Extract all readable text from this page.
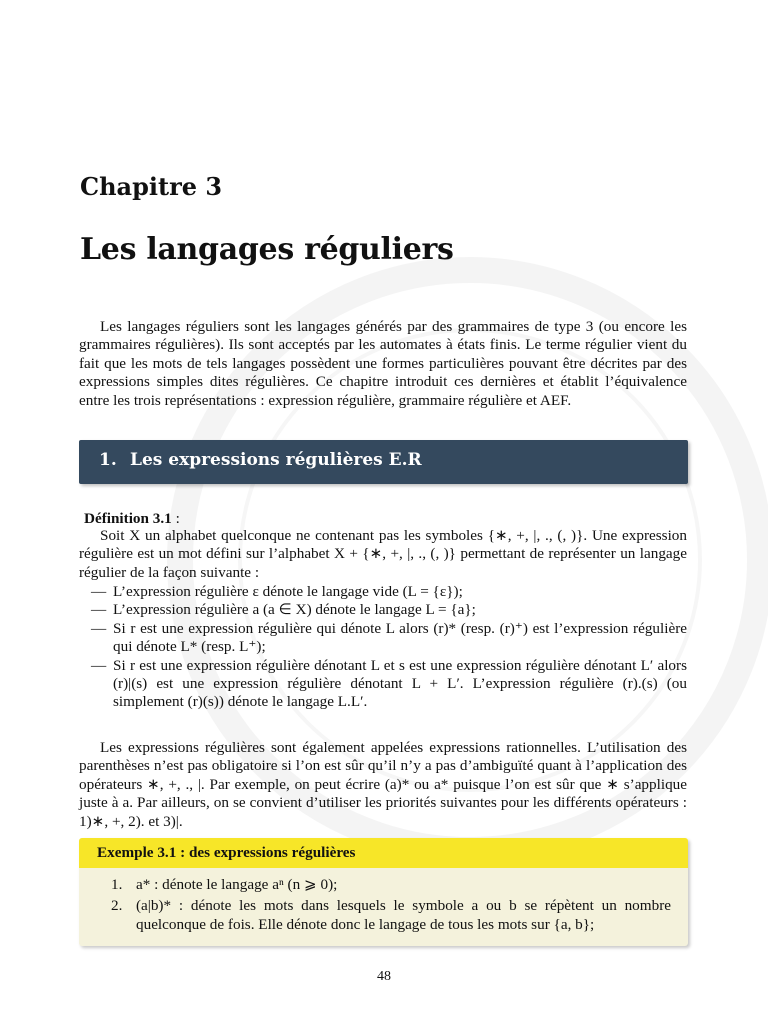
Chapitre 3
Les langages réguliers

Les langages réguliers sont les langages générés par des grammaires de type 3 (ou encore les grammaires régulières). Ils sont acceptés par les automates à états finis. Le terme régulier vient du fait que les mots de tels langages possèdent une formes particulières pouvant être décrites par des expressions simples dites régulières. Ce chapitre introduit ces dernières et établit l’équivalence entre les trois représentations : expression régulière, grammaire régulière et AEF.

1. Les expressions régulières E.R
Définition 3.1 :

Soit X un alphabet quelconque ne contenant pas les symboles {∗, +, |, ., (, )}. Une expression régulière est un mot défini sur l’alphabet X + {∗, +, |, ., (, )} permettant de représenter un langage régulier de la façon suivante :

— L’expression régulière ε dénote le langage vide (L = {ε});
— L’expression régulière a (a ∈ X) dénote le langage L = {a};
— Si r est une expression régulière qui dénote L alors (r)* (resp. (r)⁺) est l’expression régulière qui dénote L* (resp. L⁺);
— Si r est une expression régulière dénotant L et s est une expression régulière dénotant L′ alors (r)|(s) est une expression régulière dénotant L + L′. L’expression régulière (r).(s) (ou simplement (r)(s)) dénote le langage L.L′.

Les expressions régulières sont également appelées expressions rationnelles. L’utilisation des parenthèses n’est pas obligatoire si l’on est sûr qu’il n’y a pas d’ambiguïté quant à l’application des opérateurs ∗, +, ., |. Par exemple, on peut écrire (a)* ou a* puisque l’on est sûr que ∗ s’applique juste à a. Par ailleurs, on se convient d’utiliser les priorités suivantes pour les différents opérateurs : 1)∗, +, 2). et 3)|.

Exemple 3.1 : des expressions régulières
1. a* : dénote le langage aⁿ (n ⩾ 0);
2. (a|b)* : dénote les mots dans lesquels le symbole a ou b se répètent un nombre quelconque de fois. Elle dénote donc le langage de tous les mots sur {a, b};
48
